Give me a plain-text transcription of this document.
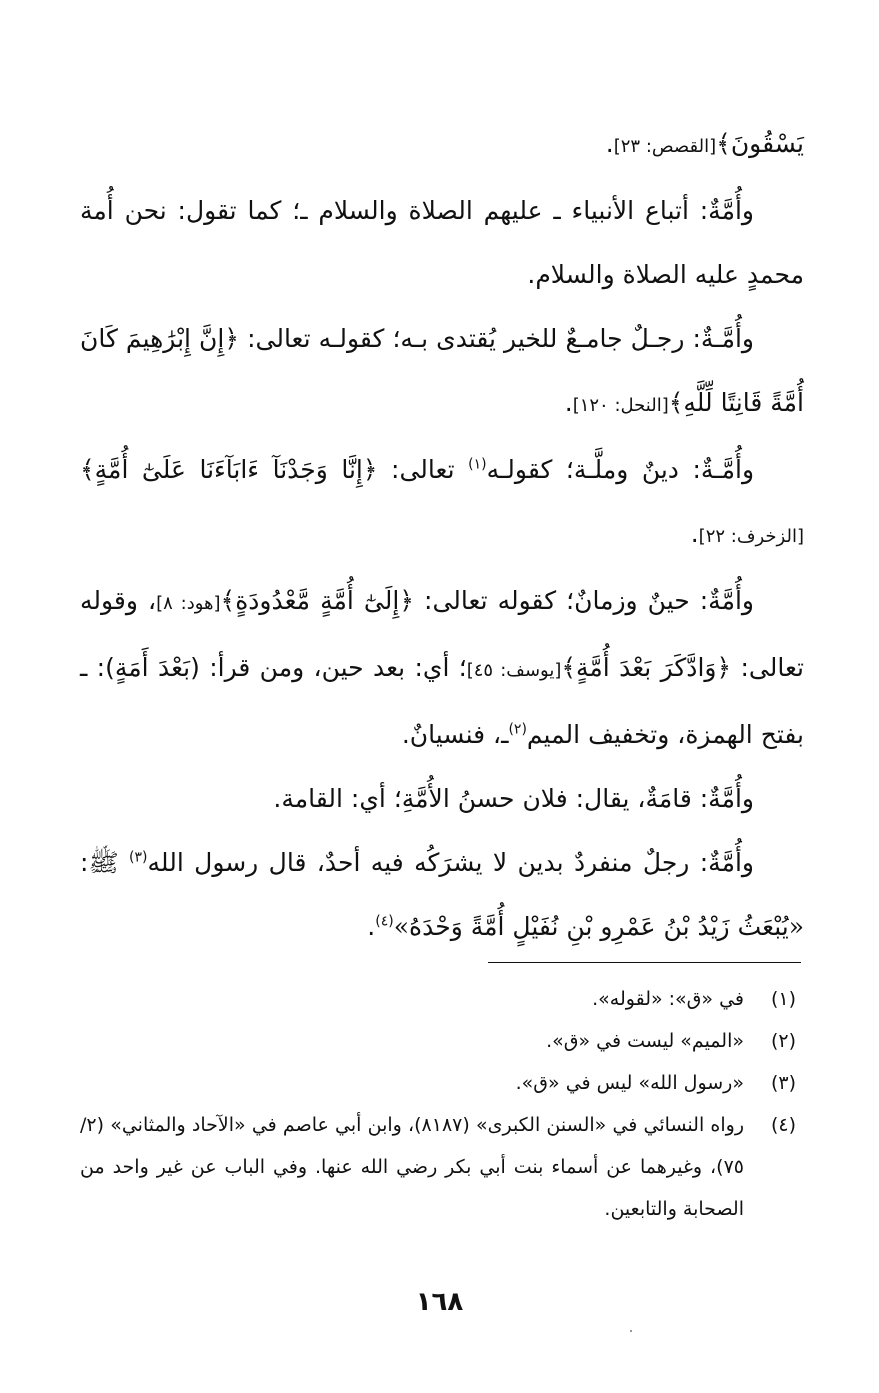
يَسْقُونَ﴾[القصص: ٢٣].

وأُمَّةٌ: أتباع الأنبياء ـ عليهم الصلاة والسلام ـ؛ كما تقول: نحن أُمة محمدٍ عليه الصلاة والسلام.

وأُمَّـةٌ: رجـلٌ جامـعٌ للخير يُقتدى بـه؛ كقولـه تعالى: ﴿إِنَّ إِبْرَٰهِيمَ كَانَ أُمَّةً قَانِتًا لِّلَّهِ﴾[النحل: ١٢٠].

وأُمَّـةٌ: دينٌ وملَّـة؛ كقولـه$^{(١)}$ تعالى: ﴿إِنَّا وَجَدْنَآ ءَابَآءَنَا عَلَىٰٓ أُمَّةٍ﴾[الزخرف: ٢٢].

وأُمَّةٌ: حينٌ وزمانٌ؛ كقوله تعالى: ﴿إِلَىٰٓ أُمَّةٍ مَّعْدُودَةٍ﴾[هود: ٨]، وقوله تعالى: ﴿وَادَّكَرَ بَعْدَ أُمَّةٍ﴾[يوسف: ٤٥]؛ أي: بعد حين، ومن قرأ: (بَعْدَ أَمَةٍ): ـ بفتح الهمزة، وتخفيف الميم$^{(٢)}$ـ، فنسيانٌ.

وأُمَّةٌ: قامَةٌ، يقال: فلان حسنُ الأُمَّةِ؛ أي: القامة.

وأُمَّةٌ: رجلٌ منفردٌ بدين لا يشرَكُه فيه أحدٌ، قال رسول الله$^{(٣)}$ ﷺ: «يُبْعَثُ زَيْدُ بْنُ عَمْرِو بْنِ نُفَيْلٍ أُمَّةً وَحْدَهُ»$^{(٤)}$.

(١)
في «ق»: «لقوله».
(٢)
«الميم» ليست في «ق».
(٣)
«رسول الله» ليس في «ق».
(٤)
رواه النسائي في «السنن الكبرى» (٨١٨٧)، وابن أبي عاصم في «الآحاد والمثاني» (٢/ ٧٥)، وغيرهما عن أسماء بنت أبي بكر رضي الله عنها. وفي الباب عن غير واحد من الصحابة والتابعين.
١٦٨
